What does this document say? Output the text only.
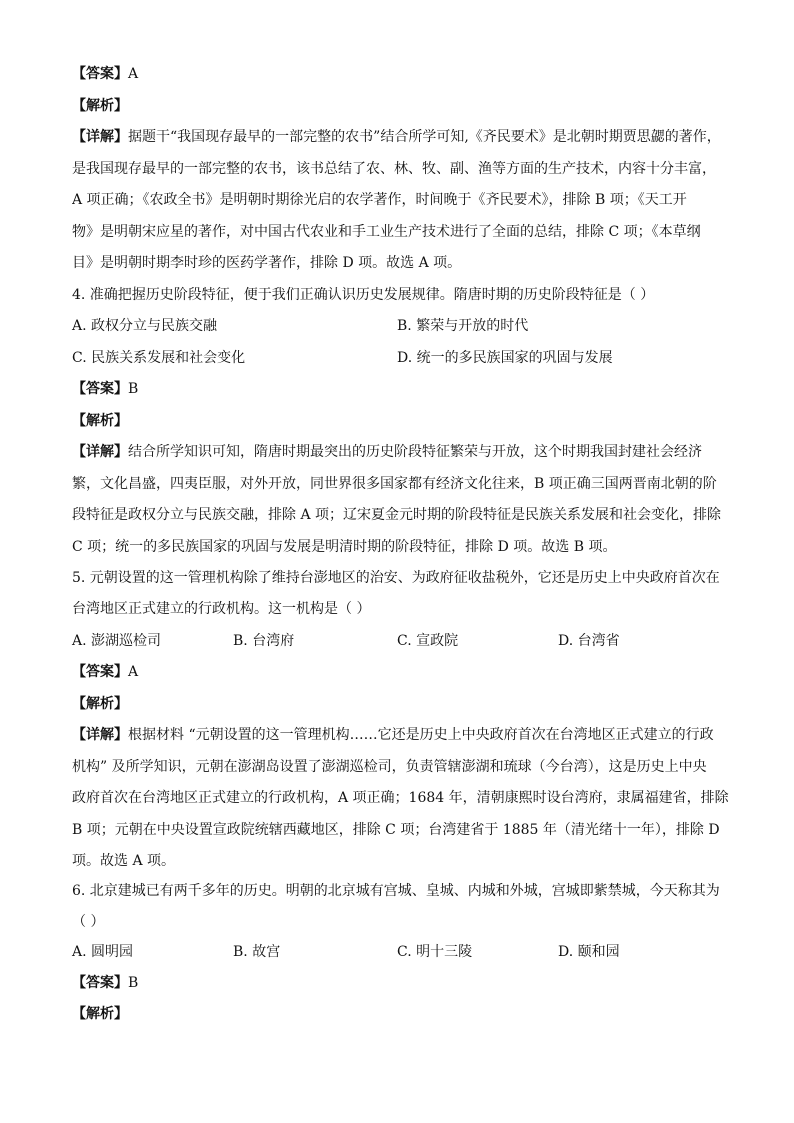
【答案】A
【解析】
【详解】据题干“我国现存最早的一部完整的农书”结合所学可知,《齐民要术》是北朝时期贾思勰的著作，
是我国现存最早的一部完整的农书，该书总结了农、林、牧、副、渔等方面的生产技术，内容十分丰富，
A 项正确；《农政全书》是明朝时期徐光启的农学著作，时间晚于《齐民要术》，排除 B 项；《天工开
物》是明朝宋应星的著作，对中国古代农业和手工业生产技术进行了全面的总结，排除 C 项；《本草纲
目》是明朝时期李时珍的医药学著作，排除 D 项。故选 A 项。
4. 准确把握历史阶段特征，便于我们正确认识历史发展规律。隋唐时期的历史阶段特征是（ ）
A. 政权分立与民族交融	B. 繁荣与开放的时代
C. 民族关系发展和社会变化	D. 统一的多民族国家的巩固与发展
【答案】B
【解析】
【详解】结合所学知识可知，隋唐时期最突出的历史阶段特征繁荣与开放，这个时期我国封建社会经济
繁，文化昌盛，四夷臣服，对外开放，同世界很多国家都有经济文化往来，B 项正确三国两晋南北朝的阶
段特征是政权分立与民族交融，排除 A 项；辽宋夏金元时期的阶段特征是民族关系发展和社会变化，排除
C 项；统一的多民族国家的巩固与发展是明清时期的阶段特征，排除 D 项。故选 B 项。
5. 元朝设置的这一管理机构除了维持台澎地区的治安、为政府征收盐税外，它还是历史上中央政府首次在
台湾地区正式建立的行政机构。这一机构是（ ）
A. 澎湖巡检司	B. 台湾府	C. 宣政院	D. 台湾省
【答案】A
【解析】
【详解】根据材料 “元朝设置的这一管理机构……它还是历史上中央政府首次在台湾地区正式建立的行政
机构” 及所学知识，元朝在澎湖岛设置了澎湖巡检司，负责管辖澎湖和琉球（今台湾），这是历史上中央
政府首次在台湾地区正式建立的行政机构，A 项正确；1684 年，清朝康熙时设台湾府，隶属福建省，排除
B 项；元朝在中央设置宣政院统辖西藏地区，排除 C 项；台湾建省于 1885 年（清光绪十一年），排除 D
项。故选 A 项。
6. 北京建城已有两千多年的历史。明朝的北京城有宫城、皇城、内城和外城，宫城即紫禁城，今天称其为
（ ）
A. 圆明园	B. 故宫	C. 明十三陵	D. 颐和园
【答案】B
【解析】
